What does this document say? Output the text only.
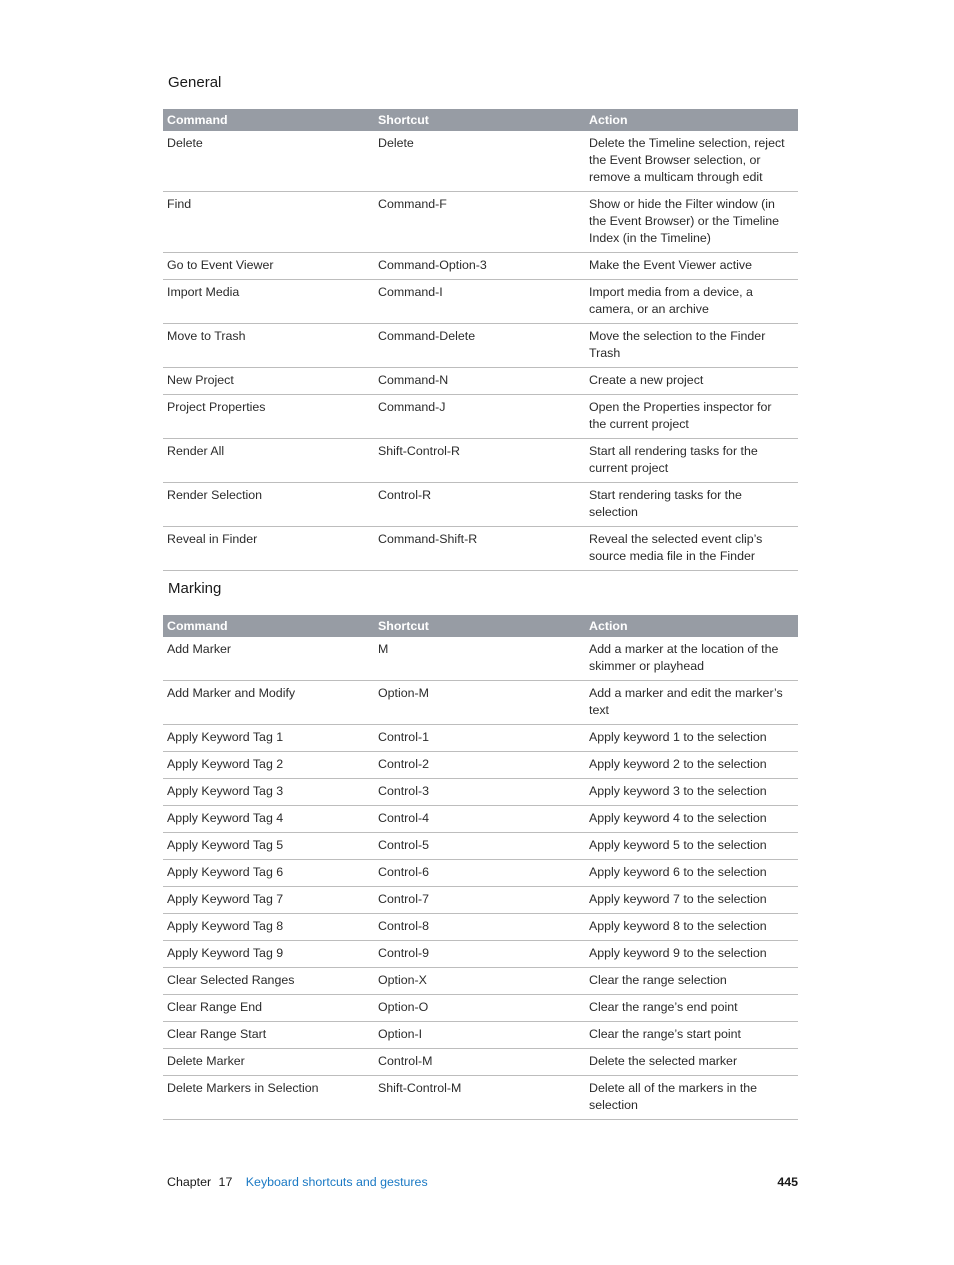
General
Command	Shortcut	Action
Delete	Delete	Delete the Timeline selection, reject the Event Browser selection, or remove a multicam through edit
Find	Command-F	Show or hide the Filter window (in the Event Browser) or the Timeline Index (in the Timeline)
Go to Event Viewer	Command-Option-3	Make the Event Viewer active
Import Media	Command-I	Import media from a device, a camera, or an archive
Move to Trash	Command-Delete	Move the selection to the Finder Trash
New Project	Command-N	Create a new project
Project Properties	Command-J	Open the Properties inspector for the current project
Render All	Shift-Control-R	Start all rendering tasks for the current project
Render Selection	Control-R	Start rendering tasks for the selection
Reveal in Finder	Command-Shift-R	Reveal the selected event clip’s source media file in the Finder
Marking
Command	Shortcut	Action
Add Marker	M	Add a marker at the location of the skimmer or playhead
Add Marker and Modify	Option-M	Add a marker and edit the marker’s text
Apply Keyword Tag 1	Control-1	Apply keyword 1 to the selection
Apply Keyword Tag 2	Control-2	Apply keyword 2 to the selection
Apply Keyword Tag 3	Control-3	Apply keyword 3 to the selection
Apply Keyword Tag 4	Control-4	Apply keyword 4 to the selection
Apply Keyword Tag 5	Control-5	Apply keyword 5 to the selection
Apply Keyword Tag 6	Control-6	Apply keyword 6 to the selection
Apply Keyword Tag 7	Control-7	Apply keyword 7 to the selection
Apply Keyword Tag 8	Control-8	Apply keyword 8 to the selection
Apply Keyword Tag 9	Control-9	Apply keyword 9 to the selection
Clear Selected Ranges	Option-X	Clear the range selection
Clear Range End	Option-O	Clear the range’s end point
Clear Range Start	Option-I	Clear the range’s start point
Delete Marker	Control-M	Delete the selected marker
Delete Markers in Selection	Shift-Control-M	Delete all of the markers in the selection
Chapter 17 Keyboard shortcuts and gestures	445
